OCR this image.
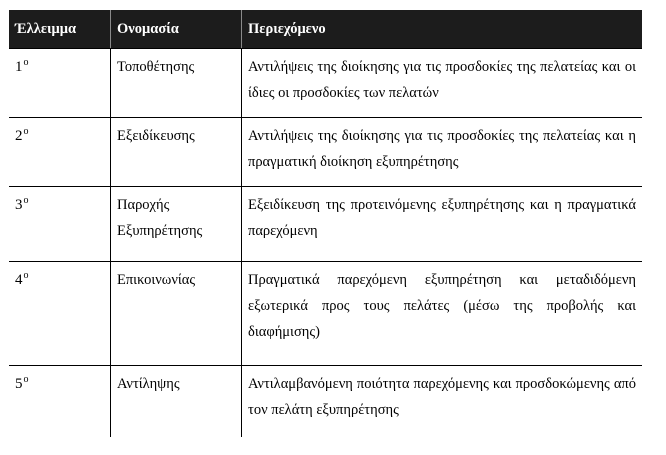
Έλλειμμα	Ονομασία	Περιεχόμενο
$1^o$	Τοποθέτησης	Αντιλήψεις της διοίκησης για τις προσδοκίες της πελατείας και οι ίδιες οι προσδοκίες των πελατών
$2^o$	Εξειδίκευσης	Αντιλήψεις της διοίκησης για τις προσδοκίες της πελατείας και η πραγματική διοίκηση εξυπηρέτησης
$3^o$	Παροχής Εξυπηρέτησης	Εξειδίκευση της προτεινόμενης εξυπηρέτησης και η πραγματικά παρεχόμενη
$4^o$	Επικοινωνίας	Πραγματικά παρεχόμενη εξυπηρέτηση και μεταδιδόμενη εξωτερικά προς τους πελάτες (μέσω της προβολής και διαφήμισης)
$5^o$	Αντίληψης	Αντιλαμβανόμενη ποιότητα παρεχόμενης και προσδοκώμενης από τον πελάτη εξυπηρέτησης
